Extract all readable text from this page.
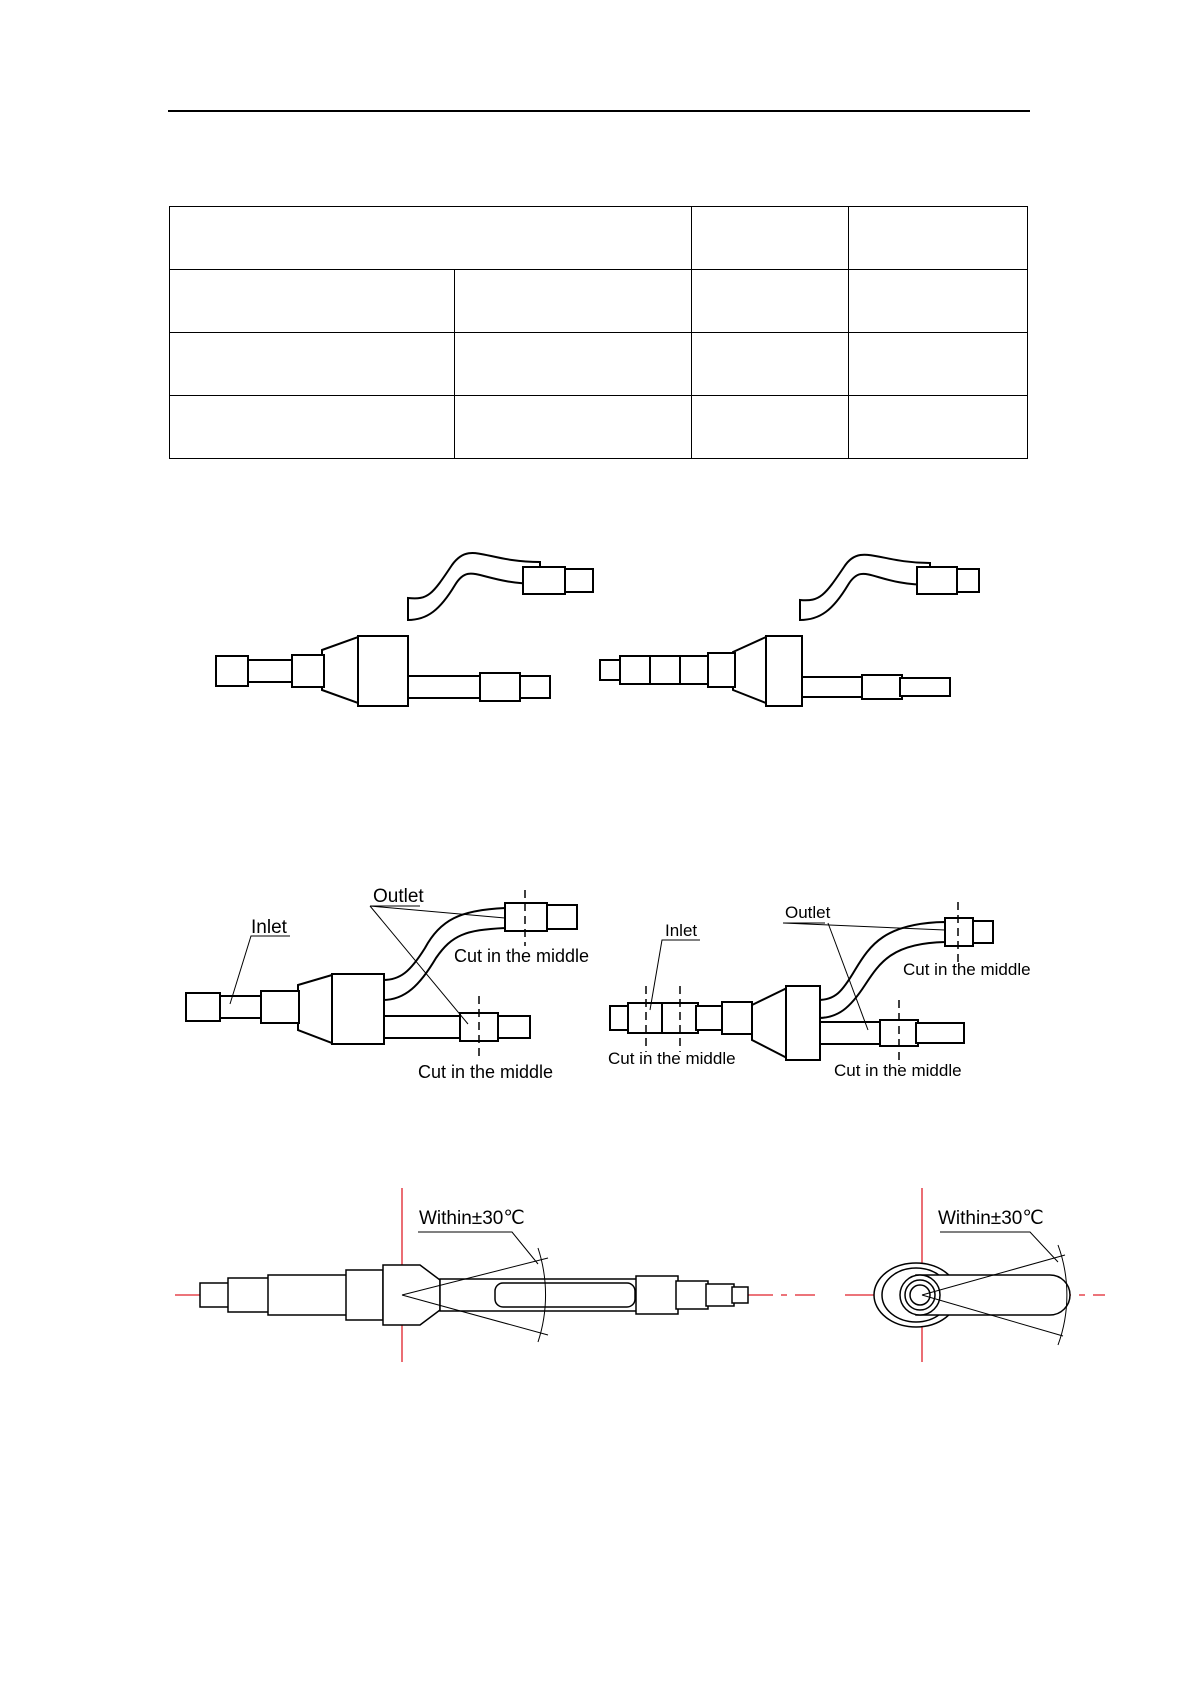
Inlet
Outlet
Cut in the middle
Cut in the middle
Inlet
Outlet
Cut in the middle
Cut in the middle
Cut in the middle
Within±30℃	Within±30℃
